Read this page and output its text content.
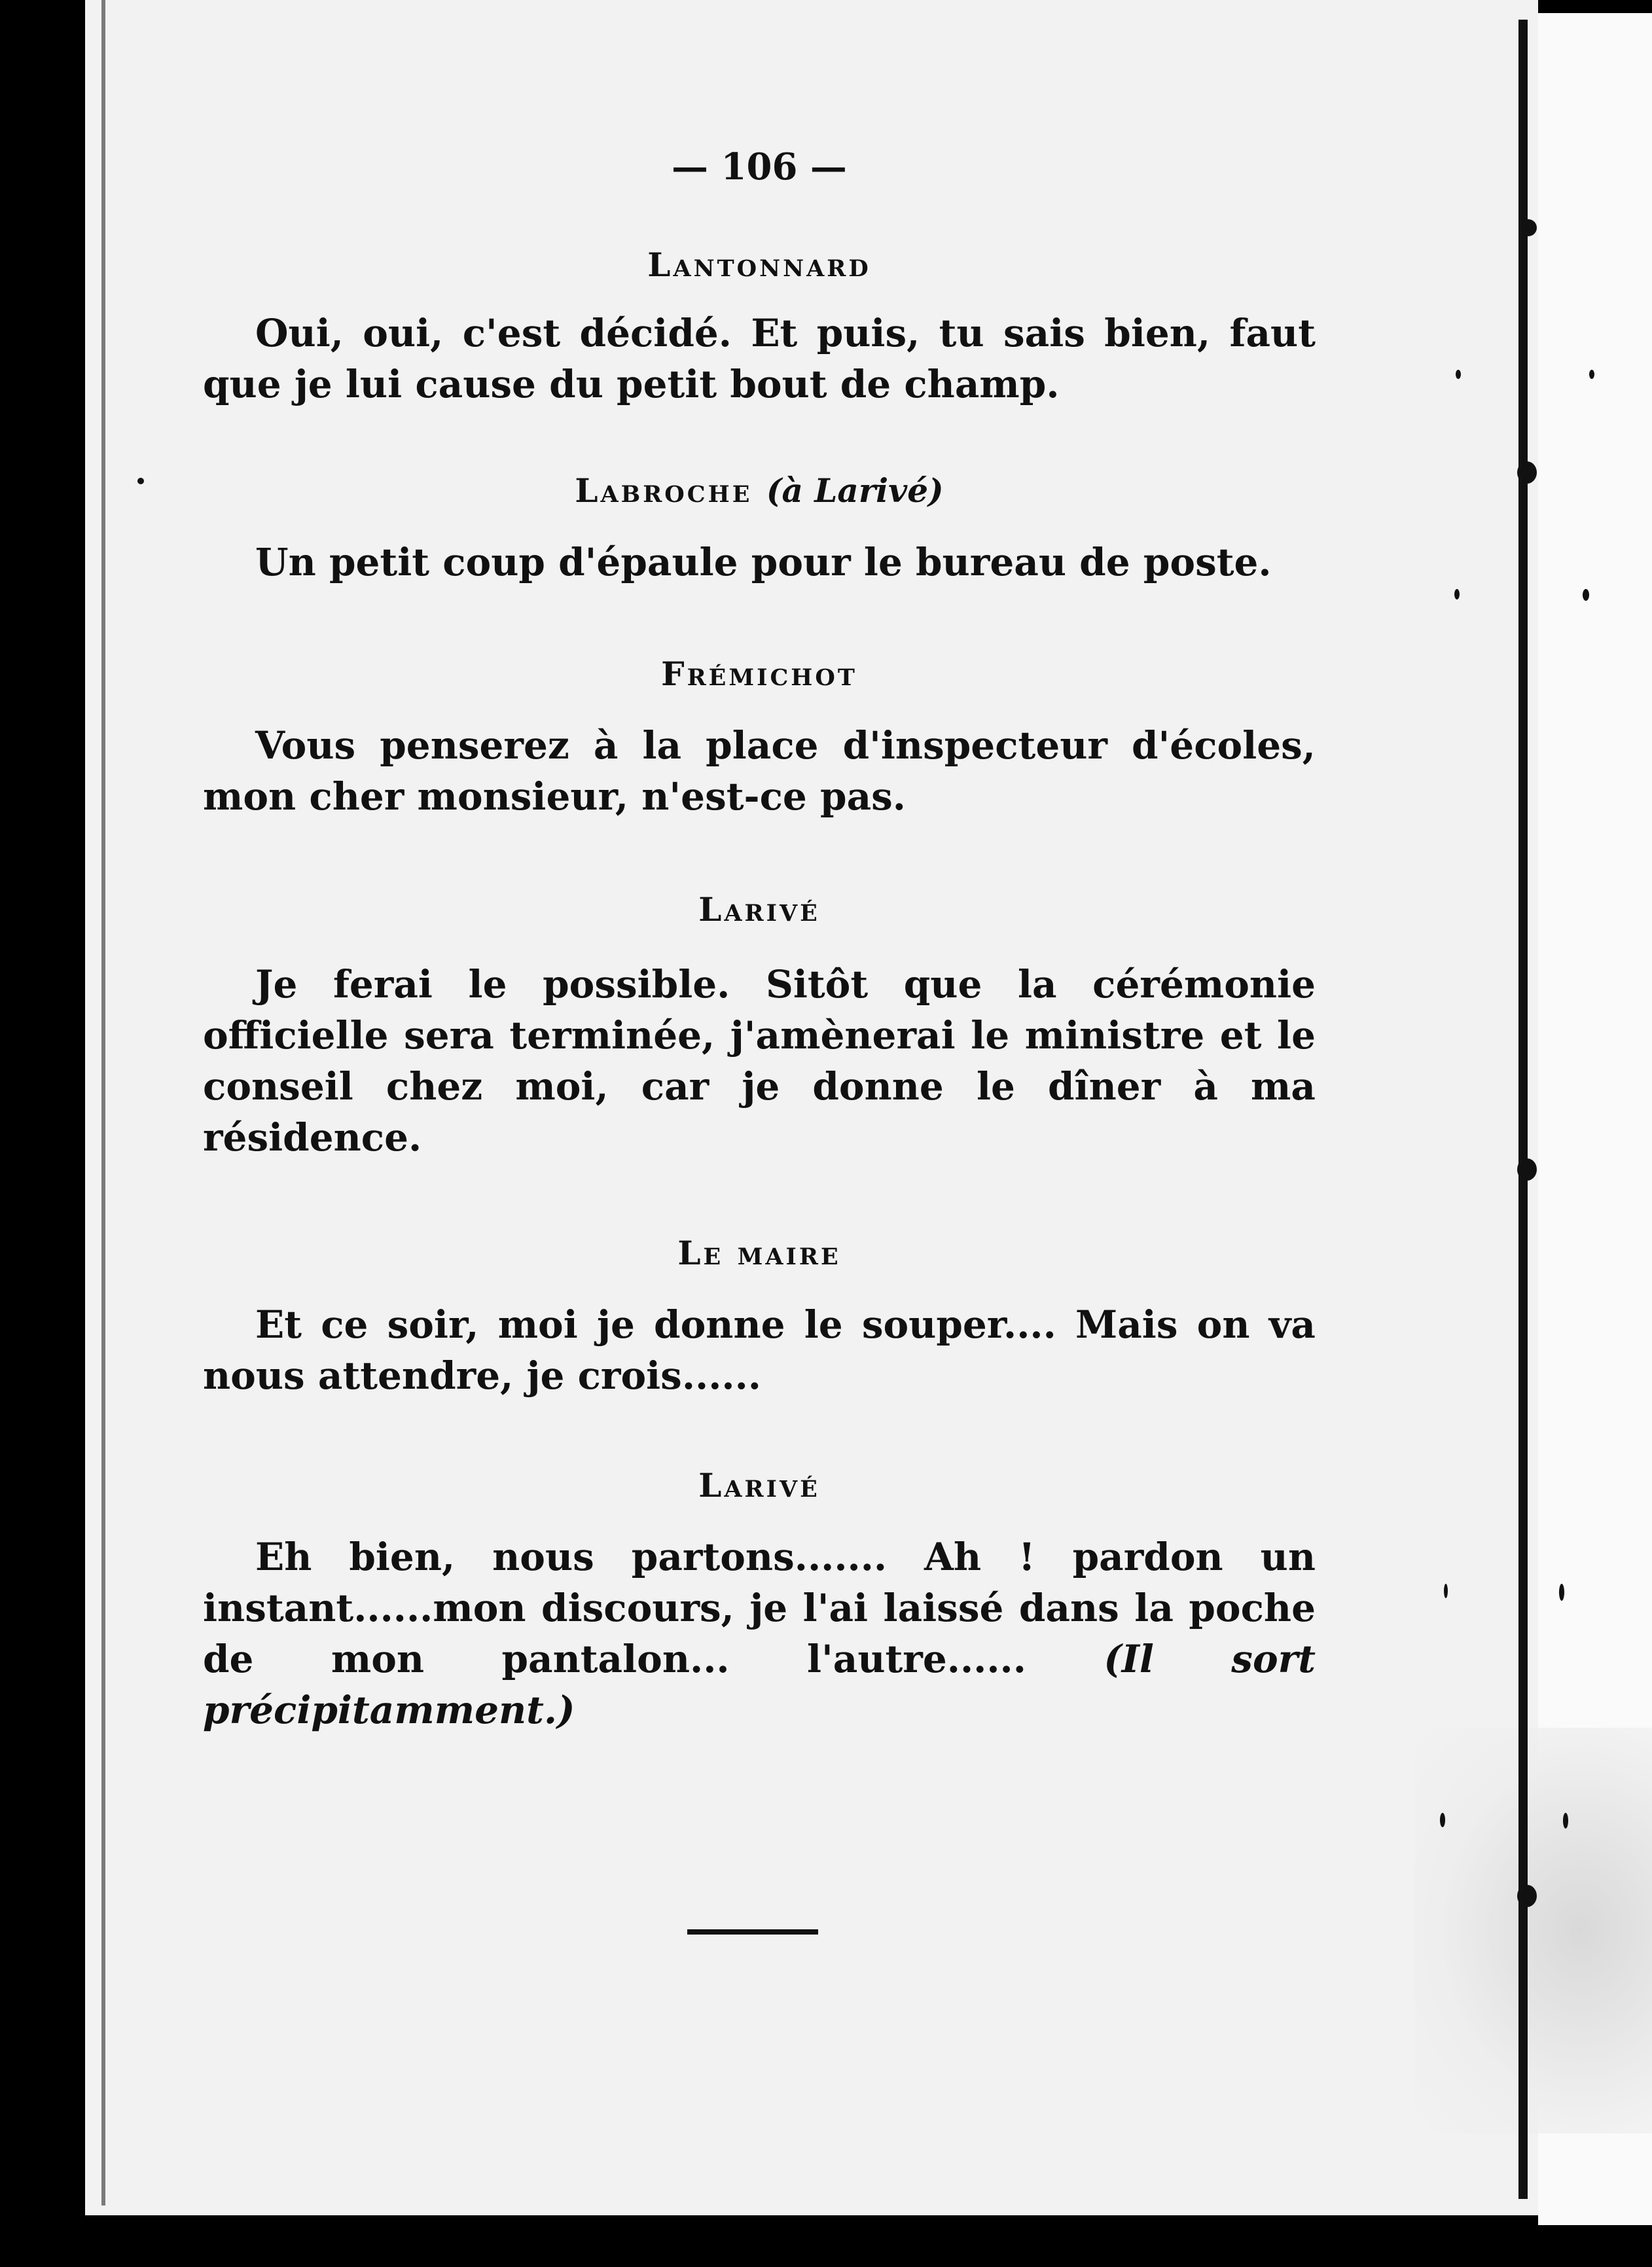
— 106 —
Lantonnard
Oui, oui, c'est décidé. Et puis, tu sais bien, faut que je lui cause du petit bout de champ.
Labroche (à Larivé)
Un petit coup d'épaule pour le bureau de poste.
Frémichot
Vous penserez à la place d'inspecteur d'écoles, mon cher monsieur, n'est-ce pas.
Larivé
Je ferai le possible. Sitôt que la cérémonie officielle sera terminée, j'amènerai le ministre et le conseil chez moi, car je donne le dîner à ma résidence.
Le maire
Et ce soir, moi je donne le souper.... Mais on va nous attendre, je crois......
Larivé
Eh bien, nous partons....... Ah ! pardon un instant......mon discours, je l'ai laissé dans la poche de mon pantalon... l'autre...... (Il sort précipitamment.)
